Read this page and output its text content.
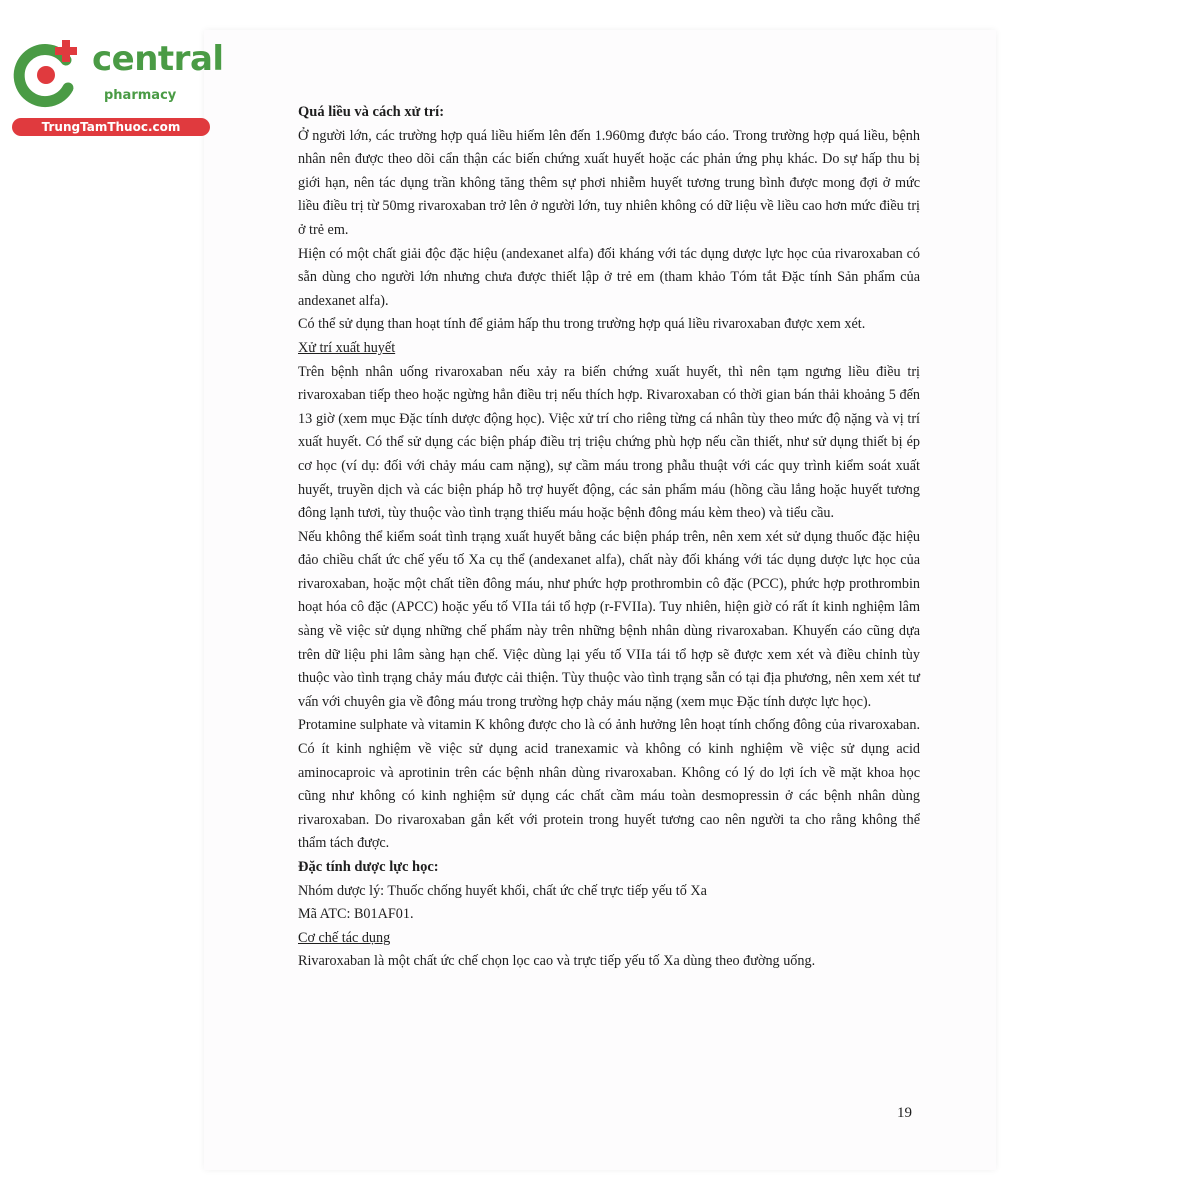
central
pharmacy
TrungTamThuoc.com
Quá liều và cách xử trí:

Ở người lớn, các trường hợp quá liều hiếm lên đến 1.960mg được báo cáo. Trong trường hợp quá liều, bệnh nhân nên được theo dõi cẩn thận các biến chứng xuất huyết hoặc các phản ứng phụ khác. Do sự hấp thu bị giới hạn, nên tác dụng trần không tăng thêm sự phơi nhiễm huyết tương trung bình được mong đợi ở mức liều điều trị từ 50mg rivaroxaban trở lên ở người lớn, tuy nhiên không có dữ liệu về liều cao hơn mức điều trị ở trẻ em.

Hiện có một chất giải độc đặc hiệu (andexanet alfa) đối kháng với tác dụng dược lực học của rivaroxaban có sẵn dùng cho người lớn nhưng chưa được thiết lập ở trẻ em (tham khảo Tóm tắt Đặc tính Sản phẩm của andexanet alfa).

Có thể sử dụng than hoạt tính để giảm hấp thu trong trường hợp quá liều rivaroxaban được xem xét.

Xử trí xuất huyết

Trên bệnh nhân uống rivaroxaban nếu xảy ra biến chứng xuất huyết, thì nên tạm ngưng liều điều trị rivaroxaban tiếp theo hoặc ngừng hẳn điều trị nếu thích hợp. Rivaroxaban có thời gian bán thải khoảng 5 đến 13 giờ (xem mục Đặc tính dược động học). Việc xử trí cho riêng từng cá nhân tùy theo mức độ nặng và vị trí xuất huyết. Có thể sử dụng các biện pháp điều trị triệu chứng phù hợp nếu cần thiết, như sử dụng thiết bị ép cơ học (ví dụ: đối với chảy máu cam nặng), sự cầm máu trong phẫu thuật với các quy trình kiểm soát xuất huyết, truyền dịch và các biện pháp hỗ trợ huyết động, các sản phẩm máu (hồng cầu lắng hoặc huyết tương đông lạnh tươi, tùy thuộc vào tình trạng thiếu máu hoặc bệnh đông máu kèm theo) và tiểu cầu.

Nếu không thể kiểm soát tình trạng xuất huyết bằng các biện pháp trên, nên xem xét sử dụng thuốc đặc hiệu đảo chiều chất ức chế yếu tố Xa cụ thể (andexanet alfa), chất này đối kháng với tác dụng dược lực học của rivaroxaban, hoặc một chất tiền đông máu, như phức hợp prothrombin cô đặc (PCC), phức hợp prothrombin hoạt hóa cô đặc (APCC) hoặc yếu tố VIIa tái tổ hợp (r-FVIIa). Tuy nhiên, hiện giờ có rất ít kinh nghiệm lâm sàng về việc sử dụng những chế phẩm này trên những bệnh nhân dùng rivaroxaban. Khuyến cáo cũng dựa trên dữ liệu phi lâm sàng hạn chế. Việc dùng lại yếu tố VIIa tái tổ hợp sẽ được xem xét và điều chỉnh tùy thuộc vào tình trạng chảy máu được cải thiện. Tùy thuộc vào tình trạng sẵn có tại địa phương, nên xem xét tư vấn với chuyên gia về đông máu trong trường hợp chảy máu nặng (xem mục Đặc tính dược lực học).

Protamine sulphate và vitamin K không được cho là có ảnh hưởng lên hoạt tính chống đông của rivaroxaban. Có ít kinh nghiệm về việc sử dụng acid tranexamic và không có kinh nghiệm về việc sử dụng acid aminocaproic và aprotinin trên các bệnh nhân dùng rivaroxaban. Không có lý do lợi ích về mặt khoa học cũng như không có kinh nghiệm sử dụng các chất cầm máu toàn desmopressin ở các bệnh nhân dùng rivaroxaban. Do rivaroxaban gắn kết với protein trong huyết tương cao nên người ta cho rằng không thể thẩm tách được.

Đặc tính dược lực học:

Nhóm dược lý: Thuốc chống huyết khối, chất ức chế trực tiếp yếu tố Xa

Mã ATC: B01AF01.

Cơ chế tác dụng

Rivaroxaban là một chất ức chế chọn lọc cao và trực tiếp yếu tố Xa dùng theo đường uống.

19
